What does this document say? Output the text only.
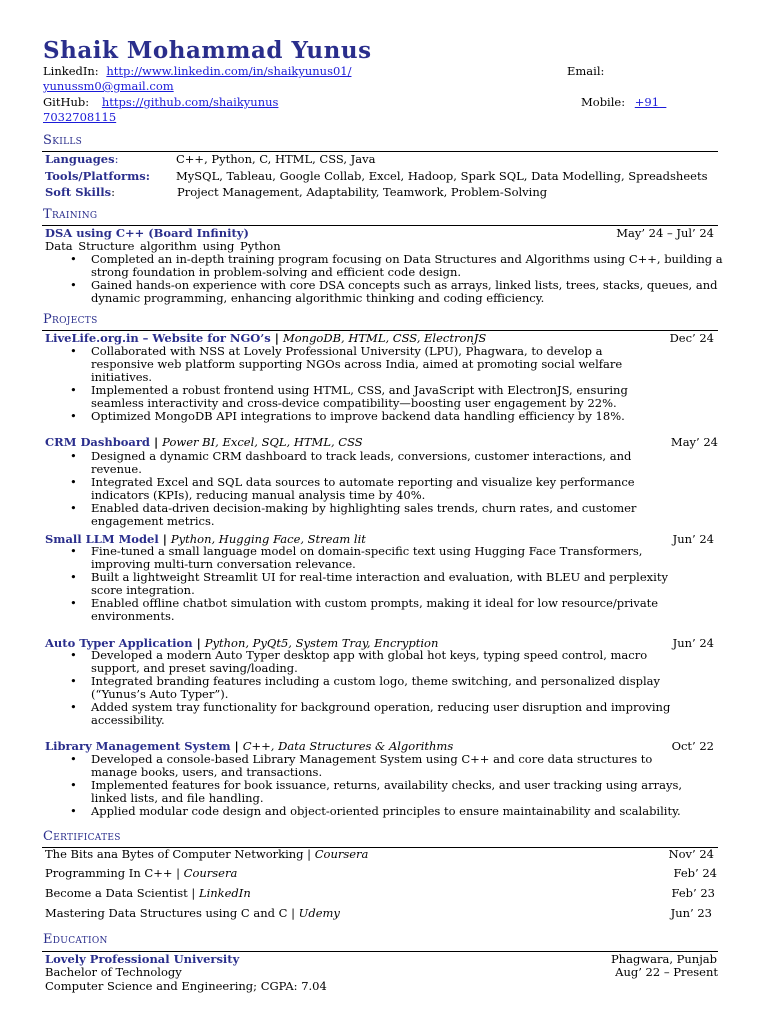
Shaik Mohammad Yunus
LinkedIn: http://www.linkedin.com/in/shaikyunus01/	Email:
yunussm0@gmail.com
GitHub: https://github.com/shaikyunus	Mobile: +91
7032708115
Skills
Languages:	C++, Python, C, HTML, CSS, Java
Tools/Platforms: MySQL, Tableau, Google Collab, Excel, Hadoop, Spark SQL, Data Modelling, Spreadsheets
Soft Skills:	Project Management, Adaptability, Teamwork, Problem-Solving
Training
DSA using C++ (Board Infinity)	May’ 24 – Jul’ 24
Data Structure algorithm using Python
• Completed an in-depth training program focusing on Data Structures and Algorithms using C++, building a strong foundation in problem-solving and efficient code design.
• Gained hands-on experience with core DSA concepts such as arrays, linked lists, trees, stacks, queues, and dynamic programming, enhancing algorithmic thinking and coding efficiency.
Projects
LiveLife.org.in – Website for NGO’s | MongoDB, HTML, CSS, ElectronJS	Dec’ 24
• Collaborated with NSS at Lovely Professional University (LPU), Phagwara, to develop a responsive web platform supporting NGOs across India, aimed at promoting social welfare initiatives.
• Implemented a robust frontend using HTML, CSS, and JavaScript with ElectronJS, ensuring seamless interactivity and cross-device compatibility—boosting user engagement by 22%.
• Optimized MongoDB API integrations to improve backend data handling efficiency by 18%.
CRM Dashboard | Power BI, Excel, SQL, HTML, CSS	May’ 24
• Designed a dynamic CRM dashboard to track leads, conversions, customer interactions, and revenue.
• Integrated Excel and SQL data sources to automate reporting and visualize key performance indicators (KPIs), reducing manual analysis time by 40%.
• Enabled data-driven decision-making by highlighting sales trends, churn rates, and customer engagement metrics.
Small LLM Model | Python, Hugging Face, Stream lit	Jun’ 24
• Fine-tuned a small language model on domain-specific text using Hugging Face Transformers, improving multi-turn conversation relevance.
• Built a lightweight Streamlit UI for real-time interaction and evaluation, with BLEU and perplexity score integration.
• Enabled offline chatbot simulation with custom prompts, making it ideal for low resource/private environments.
Auto Typer Application | Python, PyQt5, System Tray, Encryption	Jun’ 24
• Developed a modern Auto Typer desktop app with global hot keys, typing speed control, macro support, and preset saving/loading.
• Integrated branding features including a custom logo, theme switching, and personalized display (“Yunus’s Auto Typer”).
• Added system tray functionality for background operation, reducing user disruption and improving accessibility.
Library Management System | C++, Data Structures & Algorithms	Oct’ 22
• Developed a console-based Library Management System using C++ and core data structures to manage books, users, and transactions.
• Implemented features for book issuance, returns, availability checks, and user tracking using arrays, linked lists, and file handling.
• Applied modular code design and object-oriented principles to ensure maintainability and scalability.
Certificates
The Bits ana Bytes of Computer Networking | Coursera	Nov’ 24
Programming In C++ | Coursera	Feb’ 24
Become a Data Scientist | LinkedIn	Feb’ 23
Mastering Data Structures using C and C | Udemy	Jun’ 23
Education
Lovely Professional University	Phagwara, Punjab
Bachelor of Technology	Aug’ 22 – Present
Computer Science and Engineering; CGPA: 7.04
